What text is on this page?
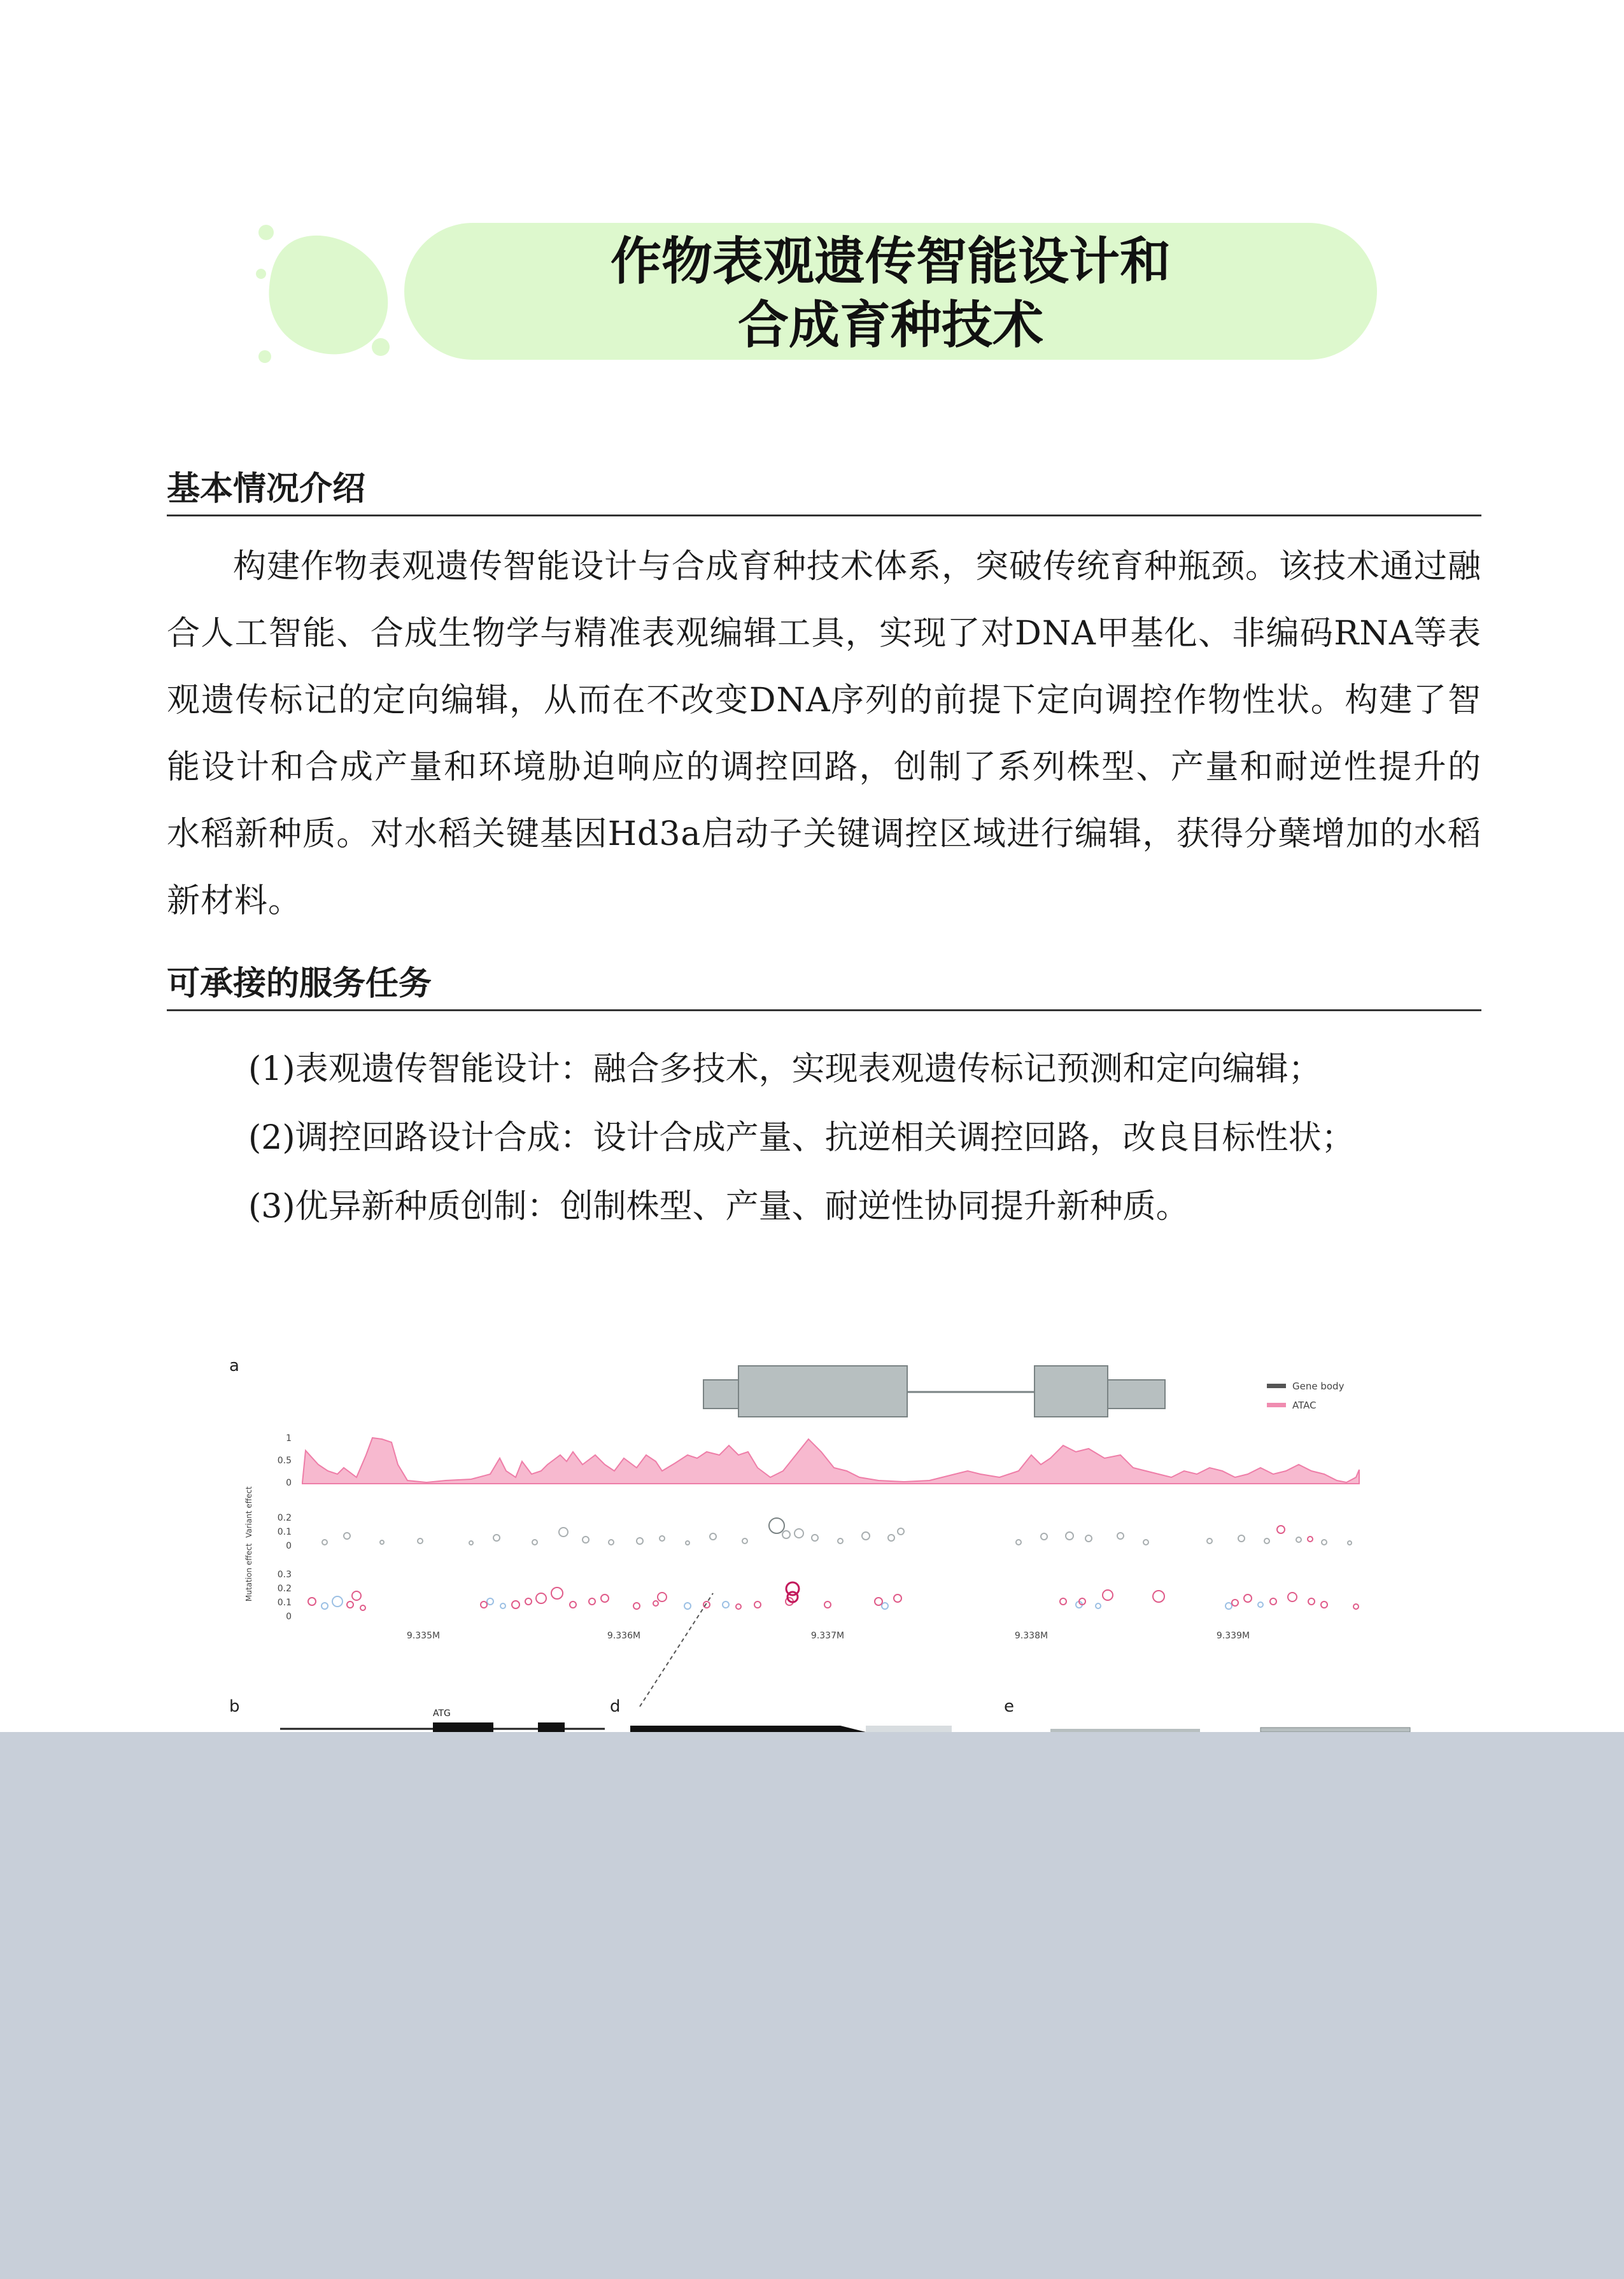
作物表观遗传智能设计和
合成育种技术
基本情况介绍
构建作物表观遗传智能设计与合成育种技术体系，突破传统育种瓶颈。该技术通过融合人工智能、合成生物学与精准表观编辑工具，实现了对DNA甲基化、非编码RNA等表观遗传标记的定向编辑，从而在不改变DNA序列的前提下定向调控作物性状。构建了智能设计和合成产量和环境胁迫响应的调控回路，创制了系列株型、产量和耐逆性提升的水稻新种质。对水稻关键基因Hd3a启动子关键调控区域进行编辑，获得分蘖增加的水稻新材料。
可承接的服务任务
(1)表观遗传智能设计：融合多技术，实现表观遗传标记预测和定向编辑；
(2)调控回路设计合成：设计合成产量、抗逆相关调控回路，改良目标性状；
(3)优异新种质创制：创制株型、产量、耐逆性协同提升新种质。
a
Gene body
ATAC
1
0.5
0
Variant effect	0.2
0.1
0
Mutation effect	0.3
0.2
0.1
0
9.335M	9.336M	9.337M	9.338M	9.339M
b	d	e
ATG
